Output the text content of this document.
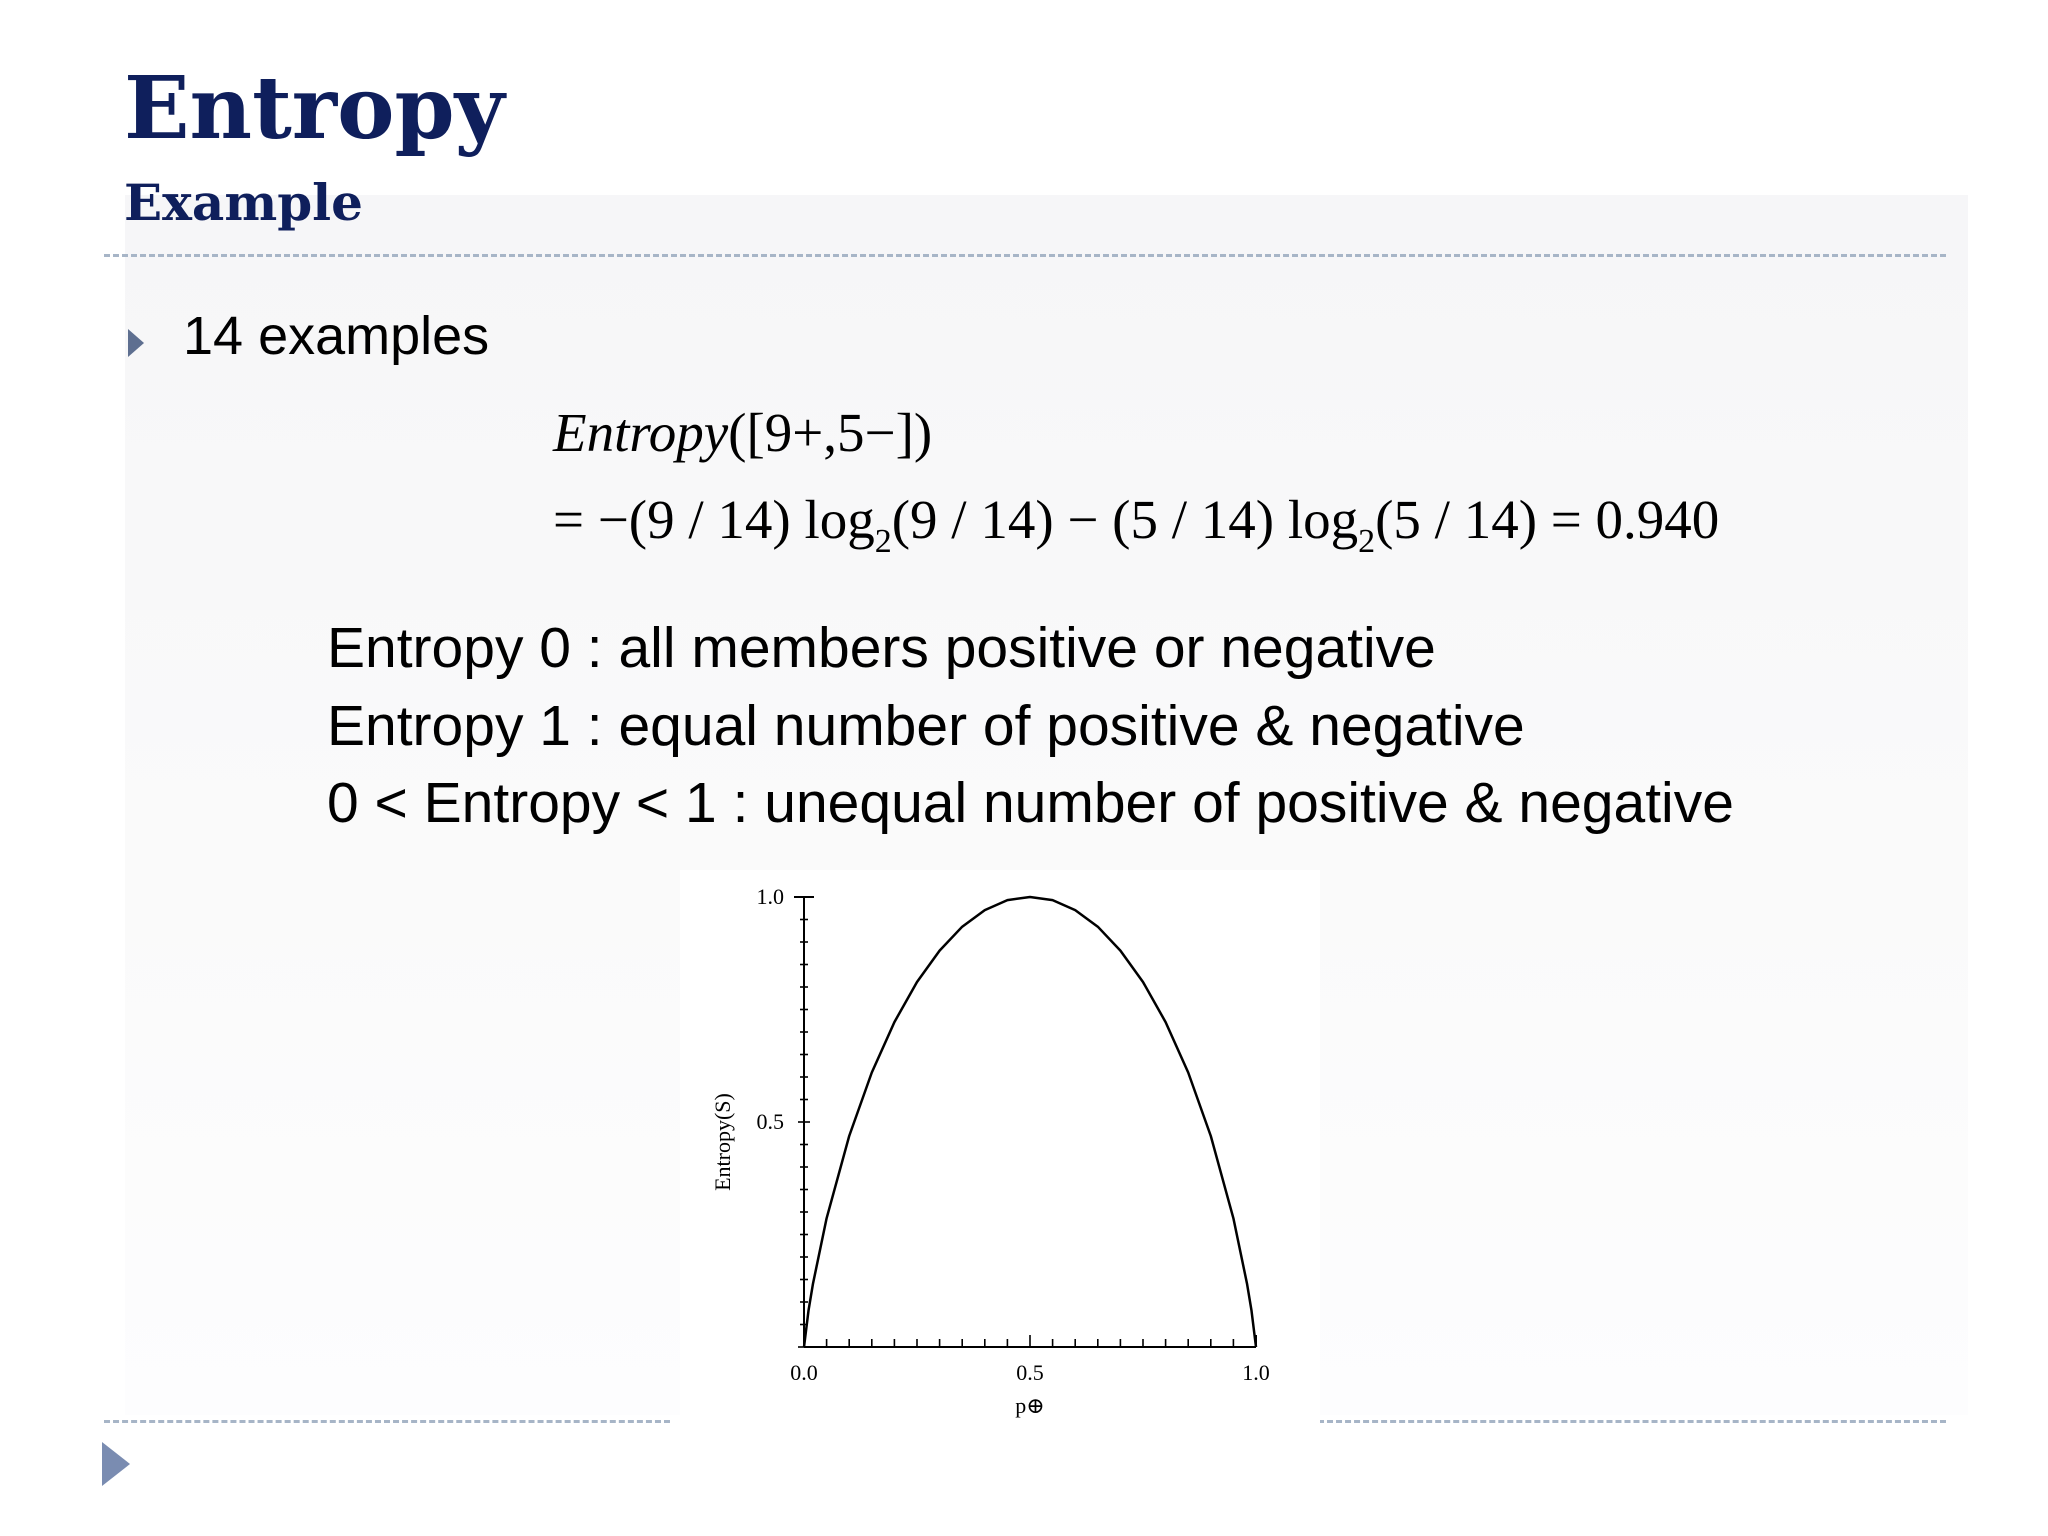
Entropy
Example
14 examples
Entropy([9+,5−])
= −(9 / 14) $\log_2(9 / 14) - (5 / 14)$ $\log_2(5 / 14) = 0.940$
Entropy 0 : all members positive or negative
Entropy 1 : equal number of positive & negative
0 < Entropy < 1 : unequal number of positive & negative
0.0	0.5	1.0
0.5
1.0
p⊕
Entropy(S)
